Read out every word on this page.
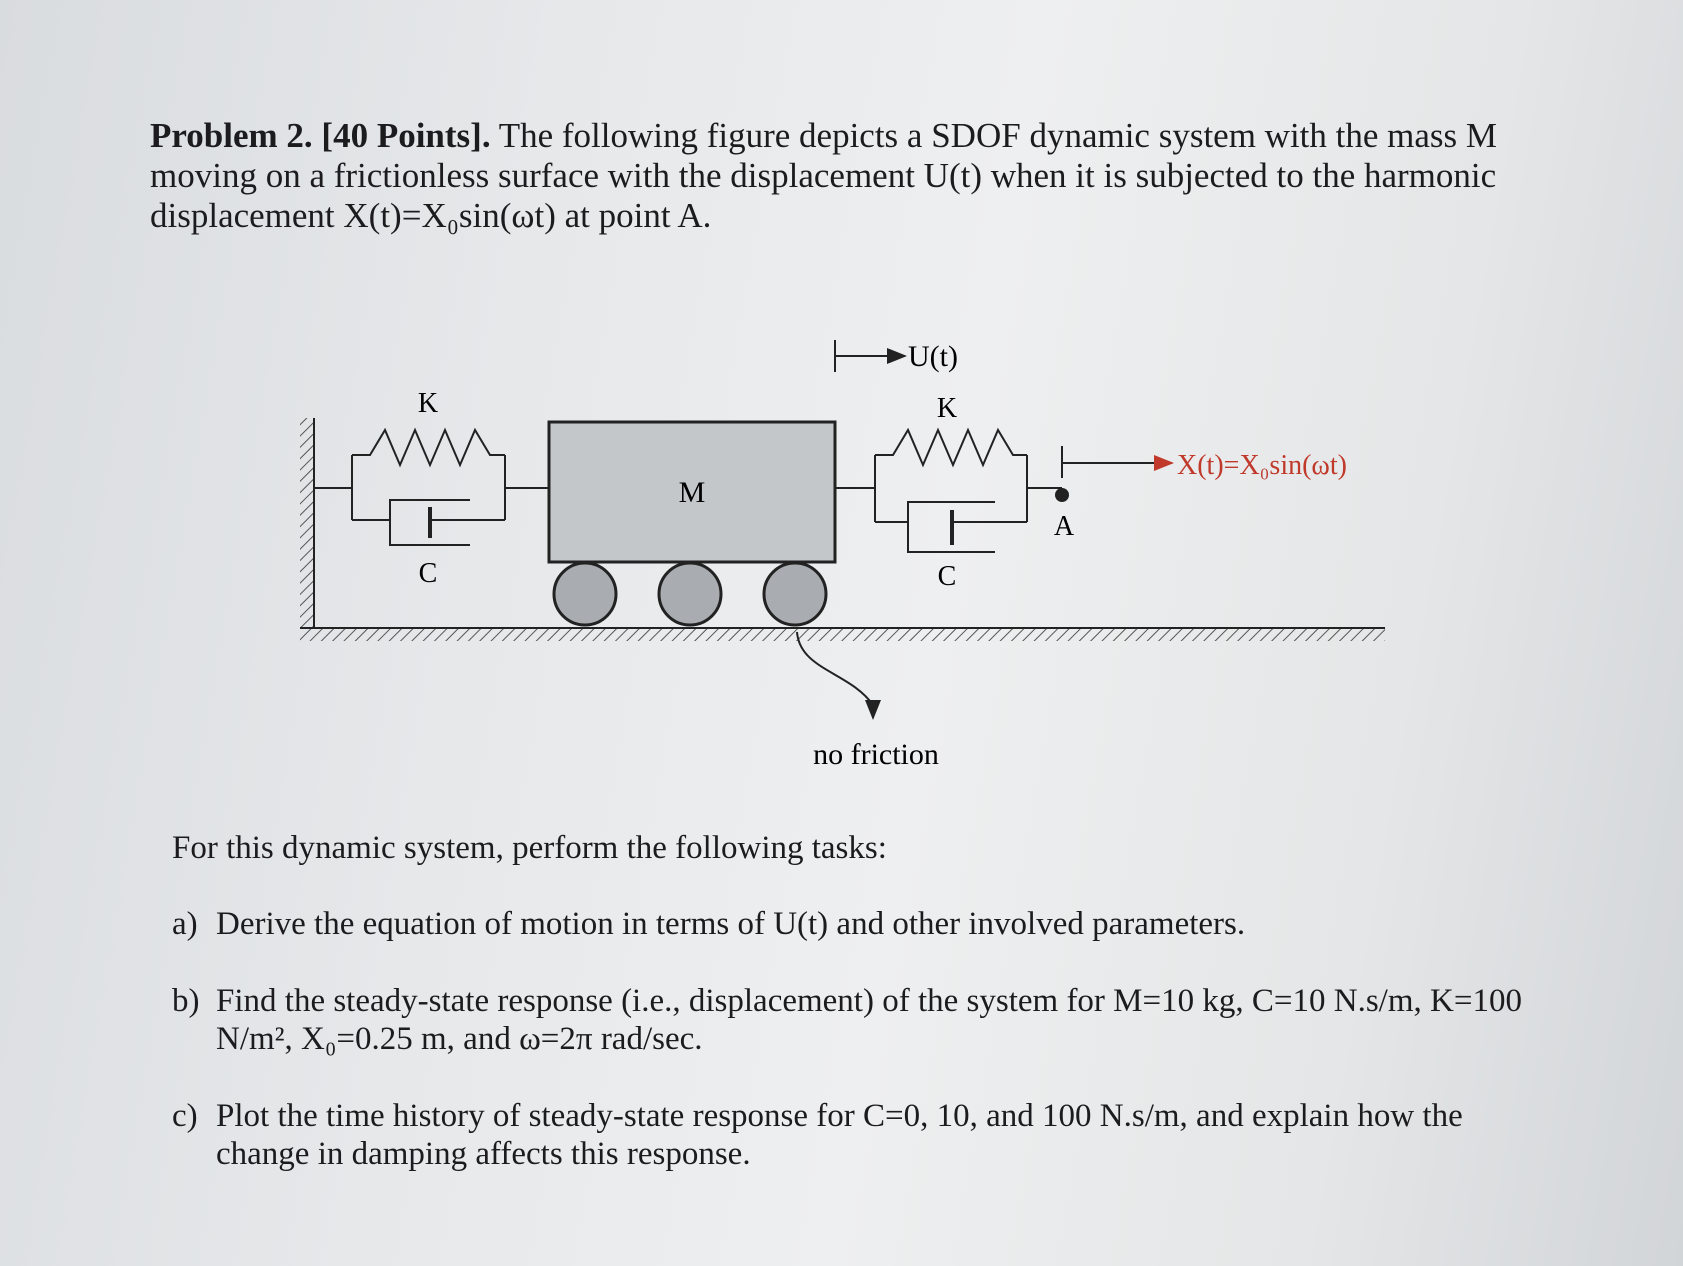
Problem 2. [40 Points]. The following figure depicts a SDOF dynamic system with the mass M moving on a frictionless surface with the displacement U(t) when it is subjected to the harmonic displacement X(t)=X₀sin(ωt) at point A.

K
C
M
K
C
A
U(t)
X(t)=X₀sin(ωt)
no friction

For this dynamic system, perform the following tasks:

a) Derive the equation of motion in terms of U(t) and other involved parameters.
b) Find the steady-state response (i.e., displacement) of the system for M=10 kg, C=10 N.s/m, K=100 N/m², X₀=0.25 m, and ω=2π rad/sec.
c) Plot the time history of steady-state response for C=0, 10, and 100 N.s/m, and explain how the change in damping affects this response.
